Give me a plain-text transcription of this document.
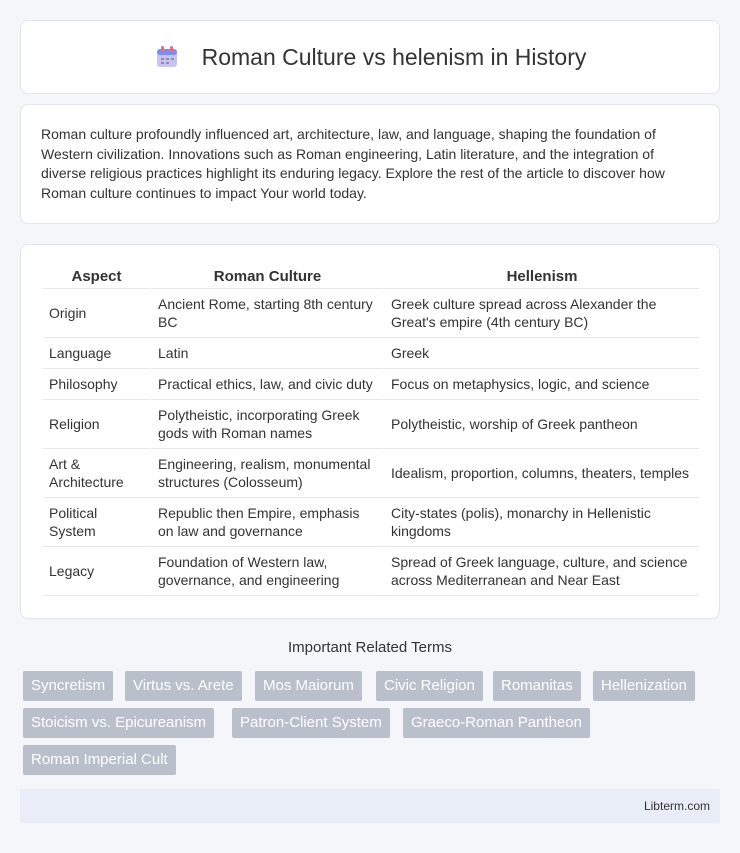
Roman Culture vs helenism in History

Roman culture profoundly influenced art, architecture, law, and language, shaping the foundation of Western civilization. Innovations such as Roman engineering, Latin literature, and the integration of diverse religious practices highlight its enduring legacy. Explore the rest of the article to discover how Roman culture continues to impact Your world today.

Aspect	Roman Culture	Hellenism
Origin	Ancient Rome, starting 8th century BC	Greek culture spread across Alexander the Great's empire (4th century BC)
Language	Latin	Greek
Philosophy	Practical ethics, law, and civic duty	Focus on metaphysics, logic, and science
Religion	Polytheistic, incorporating Greek gods with Roman names	Polytheistic, worship of Greek pantheon
Art & Architecture	Engineering, realism, monumental structures (Colosseum)	Idealism, proportion, columns, theaters, temples
Political System	Republic then Empire, emphasis on law and governance	City-states (polis), monarchy in Hellenistic kingdoms
Legacy	Foundation of Western law, governance, and engineering	Spread of Greek language, culture, and science across Mediterranean and Near East
Important Related Terms
Syncretism	Virtus vs. Arete	Mos Maiorum	Civic Religion	Romanitas	Hellenization
Stoicism vs. Epicureanism	Patron-Client System	Graeco-Roman Pantheon
Roman Imperial Cult
Libterm.com
